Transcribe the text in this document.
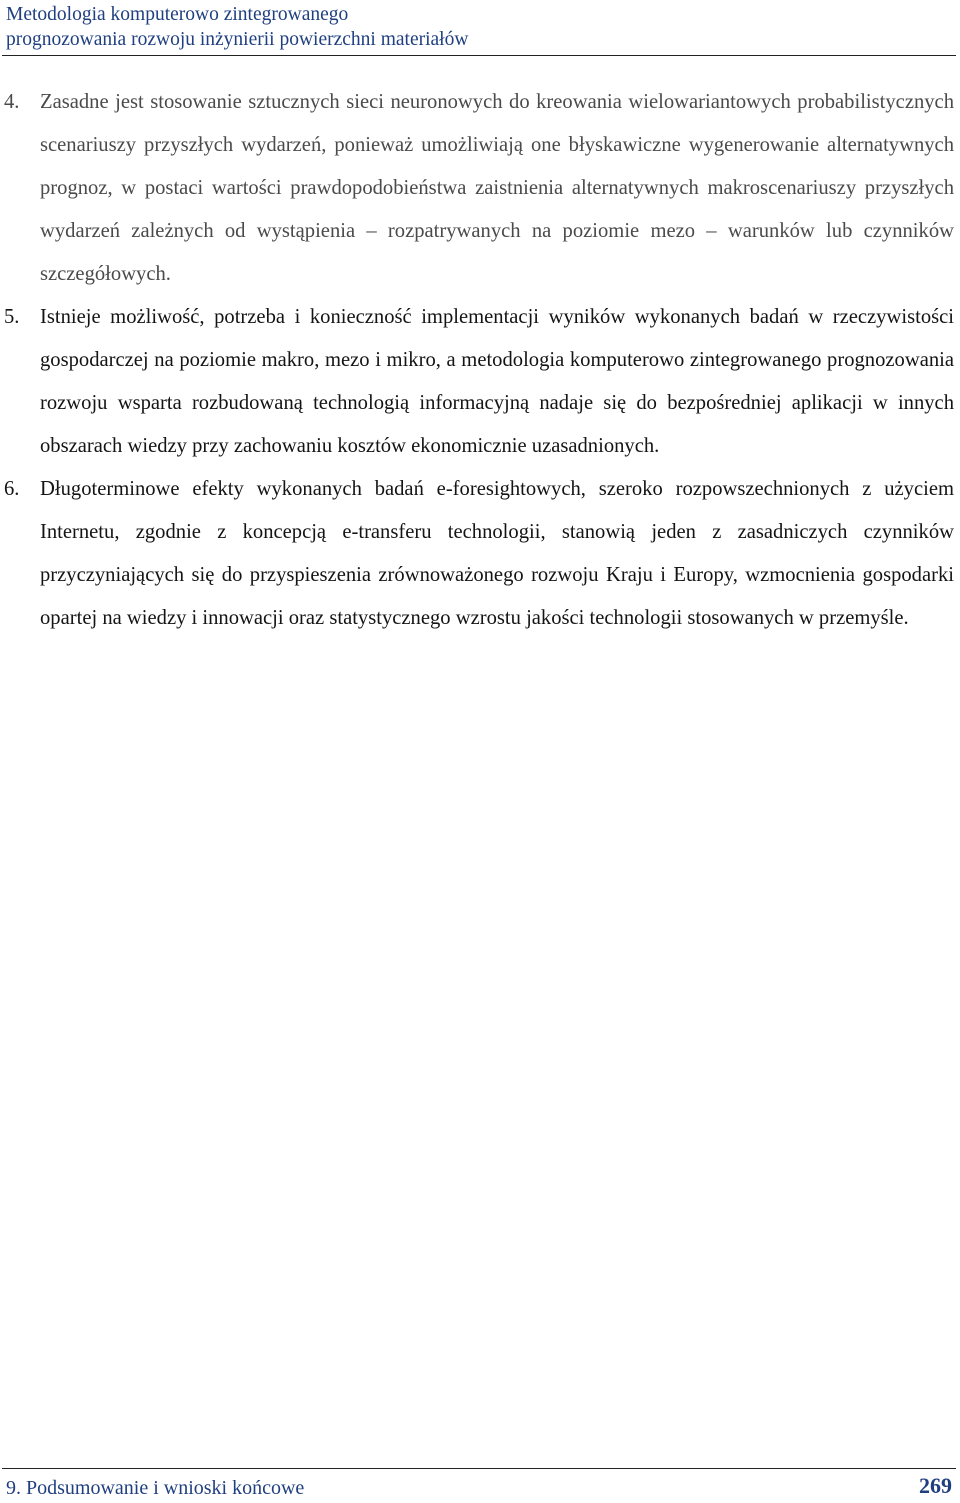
Metodologia komputerowo zintegrowanego
prognozowania rozwoju inżynierii powierzchni materiałów
4. Zasadne jest stosowanie sztucznych sieci neuronowych do kreowania wielowariantowych probabilistycznych scenariuszy przyszłych wydarzeń, ponieważ umożliwiają one błyskawiczne wygenerowanie alternatywnych prognoz, w postaci wartości prawdopodobieństwa zaistnienia alternatywnych makroscenariuszy przyszłych wydarzeń zależnych od wystąpienia – rozpatrywanych na poziomie mezo – warunków lub czynników szczegółowych.
5. Istnieje możliwość, potrzeba i konieczność implementacji wyników wykonanych badań w rzeczywistości gospodarczej na poziomie makro, mezo i mikro, a metodologia komputerowo zintegrowanego prognozowania rozwoju wsparta rozbudowaną technologią informacyjną nadaje się do bezpośredniej aplikacji w innych obszarach wiedzy przy zachowaniu kosztów ekonomicznie uzasadnionych.
6. Długoterminowe efekty wykonanych badań e-foresightowych, szeroko rozpowszechnionych z użyciem Internetu, zgodnie z koncepcją e-transferu technologii, stanowią jeden z zasadniczych czynników przyczyniających się do przyspieszenia zrównoważonego rozwoju Kraju i Europy, wzmocnienia gospodarki opartej na wiedzy i innowacji oraz statystycznego wzrostu jakości technologii stosowanych w przemyśle.
9. Podsumowanie i wnioski końcowe	269
